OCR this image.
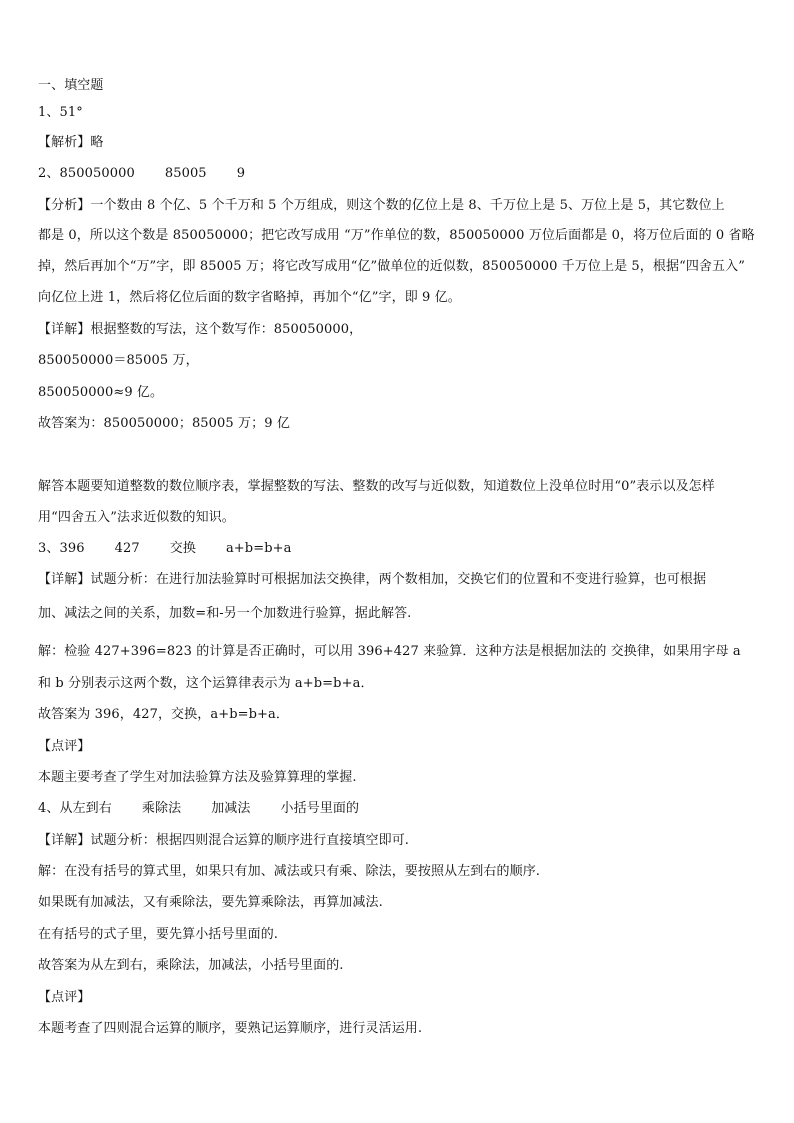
一、填空题
1、51°
【解析】略
2、850050000 85005 9
【分析】一个数由 8 个亿、5 个千万和 5 个万组成，则这个数的亿位上是 8、千万位上是 5、万位上是 5，其它数位上
都是 0，所以这个数是 850050000；把它改写成用 “万”作单位的数，850050000 万位后面都是 0，将万位后面的 0 省略
掉，然后再加个“万”字，即 85005 万；将它改写成用“亿”做单位的近似数，850050000 千万位上是 5，根据“四舍五入”
向亿位上进 1，然后将亿位后面的数字省略掉，再加个“亿”字，即 9 亿。
【详解】根据整数的写法，这个数写作：850050000，
850050000＝85005 万，
850050000≈9 亿。
故答案为：850050000；85005 万；9 亿
解答本题要知道整数的数位顺序表，掌握整数的写法、整数的改写与近似数，知道数位上没单位时用“0”表示以及怎样
用“四舍五入”法求近似数的知识。
3、396 427 交换 a+b=b+a
【详解】试题分析：在进行加法验算时可根据加法交换律，两个数相加，交换它们的位置和不变进行验算，也可根据
加、减法之间的关系，加数=和-另一个加数进行验算，据此解答.
解：检验 427+396=823 的计算是否正确时，可以用 396+427 来验算．这种方法是根据加法的 交换律，如果用字母 a
和 b 分别表示这两个数，这个运算律表示为 a+b=b+a．
故答案为 396，427，交换，a+b=b+a．
【点评】
本题主要考查了学生对加法验算方法及验算算理的掌握.
4、从左到右 乘除法 加减法 小括号里面的
【详解】试题分析：根据四则混合运算的顺序进行直接填空即可.
解：在没有括号的算式里，如果只有加、减法或只有乘、除法，要按照从左到右的顺序.
如果既有加减法，又有乘除法，要先算乘除法，再算加减法.
在有括号的式子里，要先算小括号里面的.
故答案为从左到右，乘除法，加减法，小括号里面的.
【点评】
本题考查了四则混合运算的顺序，要熟记运算顺序，进行灵活运用.
